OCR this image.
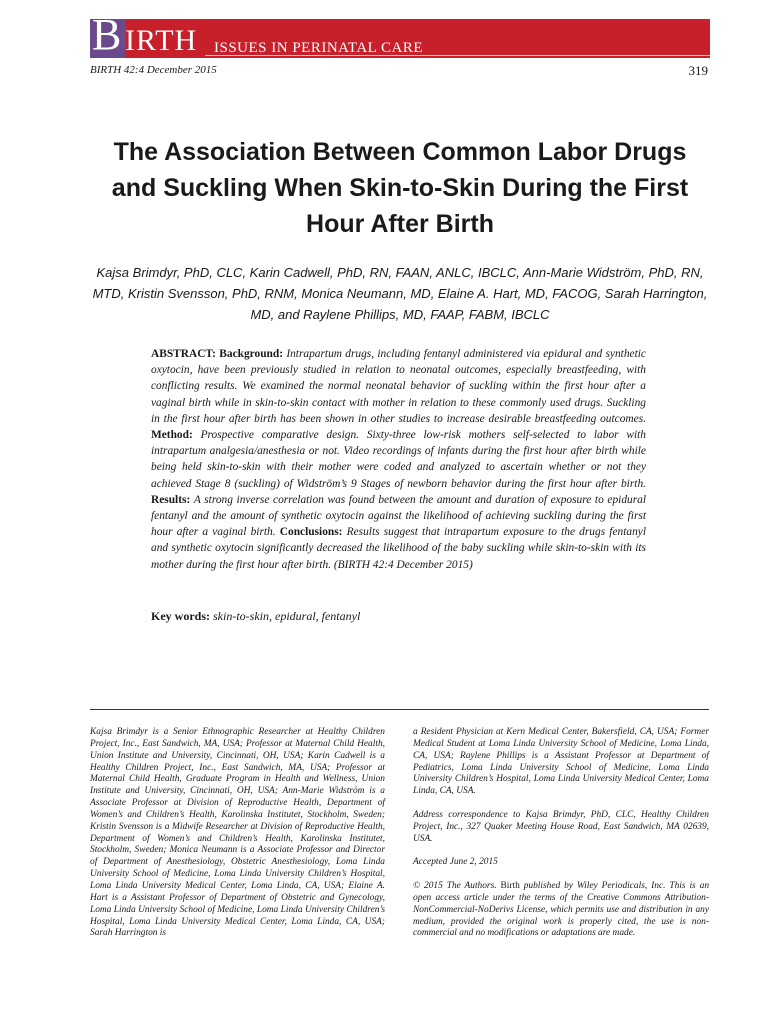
B IRTH ISSUES IN PERINATAL CARE
BIRTH 42:4 December 2015	319
The Association Between Common Labor Drugs and Suckling When Skin-to-Skin During the First Hour After Birth
Kajsa Brimdyr, PhD, CLC, Karin Cadwell, PhD, RN, FAAN, ANLC, IBCLC, Ann-Marie Widström, PhD, RN, MTD, Kristin Svensson, PhD, RNM, Monica Neumann, MD, Elaine A. Hart, MD, FACOG, Sarah Harrington, MD, and Raylene Phillips, MD, FAAP, FABM, IBCLC
ABSTRACT: Background: Intrapartum drugs, including fentanyl administered via epidural and synthetic oxytocin, have been previously studied in relation to neonatal outcomes, especially breastfeeding, with conflicting results. We examined the normal neonatal behavior of suckling within the first hour after a vaginal birth while in skin-to-skin contact with mother in relation to these commonly used drugs. Suckling in the first hour after birth has been shown in other studies to increase desirable breastfeeding outcomes. Method: Prospective comparative design. Sixty-three low-risk mothers self-selected to labor with intrapartum analgesia/anesthesia or not. Video recordings of infants during the first hour after birth while being held skin-to-skin with their mother were coded and analyzed to ascertain whether or not they achieved Stage 8 (suckling) of Widström’s 9 Stages of newborn behavior during the first hour after birth. Results: A strong inverse correlation was found between the amount and duration of exposure to epidural fentanyl and the amount of synthetic oxytocin against the likelihood of achieving suckling during the first hour after a vaginal birth. Conclusions: Results suggest that intrapartum exposure to the drugs fentanyl and synthetic oxytocin significantly decreased the likelihood of the baby suckling while skin-to-skin with its mother during the first hour after birth. (BIRTH 42:4 December 2015)
Key words: skin-to-skin, epidural, fentanyl

Kajsa Brimdyr is a Senior Ethnographic Researcher at Healthy Children Project, Inc., East Sandwich, MA, USA; Professor at Maternal Child Health, Union Institute and University, Cincinnati, OH, USA; Karin Cadwell is a Healthy Children Project, Inc., East Sandwich, MA, USA; Professor at Maternal Child Health, Graduate Program in Health and Wellness, Union Institute and University, Cincinnati, OH, USA; Ann-Marie Widström is a Associate Professor at Division of Reproductive Health, Department of Women’s and Children’s Health, Karolinska Institutet, Stockholm, Sweden; Kristin Svensson is a Midwife Researcher at Division of Reproductive Health, Department of Women’s and Children’s Health, Karolinska Institutet, Stockholm, Sweden; Monica Neumann is a Associate Professor and Director of Department of Anesthesiology, Obstetric Anesthesiology, Loma Linda University School of Medicine, Loma Linda University Children’s Hospital, Loma Linda University Medical Center, Loma Linda, CA, USA; Elaine A. Hart is a Assistant Professor of Department of Obstetric and Gynecology, Loma Linda University School of Medicine, Loma Linda University Children’s Hospital, Loma Linda University Medical Center, Loma Linda, CA, USA; Sarah Harrington is

a Resident Physician at Kern Medical Center, Bakersfield, CA, USA; Former Medical Student at Loma Linda University School of Medicine, Loma Linda, CA, USA; Raylene Phillips is a Assistant Professor at Department of Pediatrics, Loma Linda University School of Medicine, Loma Linda University Children’s Hospital, Loma Linda University Medical Center, Loma Linda, CA, USA.

Address correspondence to Kajsa Brimdyr, PhD, CLC, Healthy Children Project, Inc., 327 Quaker Meeting House Road, East Sandwich, MA 02639, USA.

Accepted June 2, 2015

© 2015 The Authors. Birth published by Wiley Periodicals, Inc. This is an open access article under the terms of the Creative Commons Attribution-NonCommercial-NoDerivs License, which permits use and distribution in any medium, provided the original work is properly cited, the use is non-commercial and no modifications or adaptations are made.
